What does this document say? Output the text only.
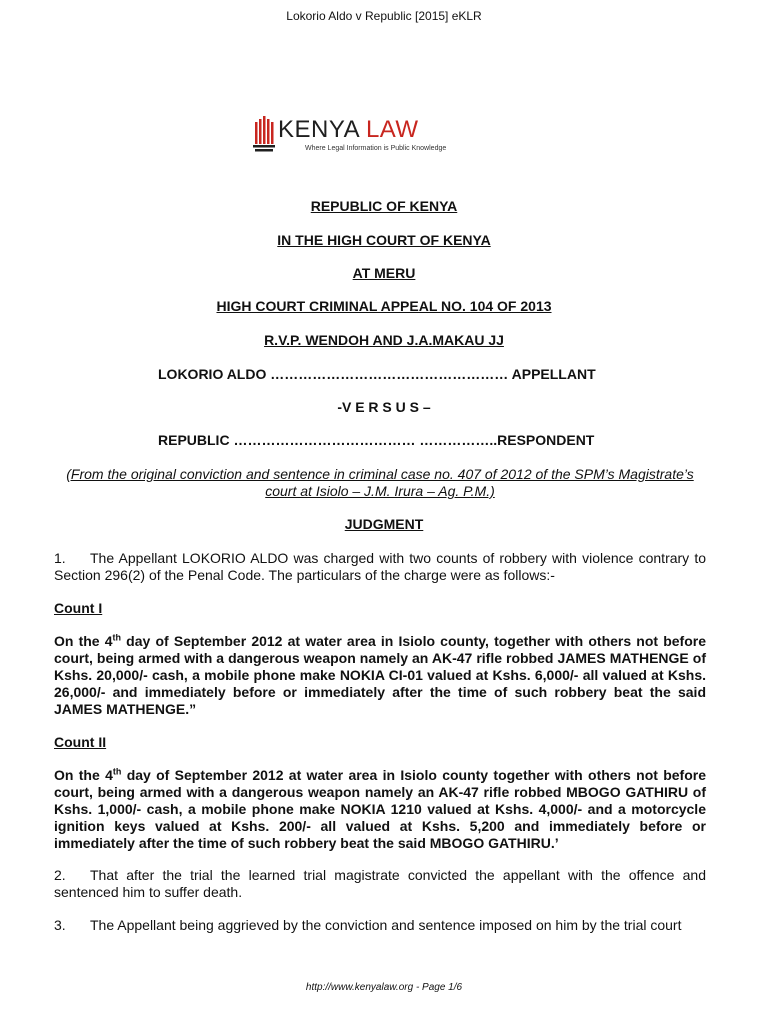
Lokorio Aldo v Republic [2015] eKLR
KENYA LAW
Where Legal Information is Public Knowledge
REPUBLIC OF KENYA
IN THE HIGH COURT OF KENYA
AT MERU
HIGH COURT CRIMINAL APPEAL NO. 104 OF 2013
R.V.P. WENDOH AND J.A.MAKAU JJ
LOKORIO ALDO …………………………………………… APPELLANT
-V E R S U S –
REPUBLIC ………………………………… ……………..RESPONDENT
(From the original conviction and sentence in criminal case no. 407 of 2012 of the SPM’s Magistrate’s court at Isiolo – J.M. Irura – Ag. P.M.)
JUDGMENT
1. The Appellant LOKORIO ALDO was charged with two counts of robbery with violence contrary to Section 296(2) of the Penal Code. The particulars of the charge were as follows:-
Count I
On the 4th day of September 2012 at water area in Isiolo county, together with others not before court, being armed with a dangerous weapon namely an AK-47 rifle robbed JAMES MATHENGE of Kshs. 20,000/- cash, a mobile phone make NOKIA CI-01 valued at Kshs. 6,000/- all valued at Kshs. 26,000/- and immediately before or immediately after the time of such robbery beat the said JAMES MATHENGE.”
Count II
On the 4th day of September 2012 at water area in Isiolo county together with others not before court, being armed with a dangerous weapon namely an AK-47 rifle robbed MBOGO GATHIRU of Kshs. 1,000/- cash, a mobile phone make NOKIA 1210 valued at Kshs. 4,000/- and a motorcycle ignition keys valued at Kshs. 200/- all valued at Kshs. 5,200 and immediately before or immediately after the time of such robbery beat the said MBOGO GATHIRU.’
2. That after the trial the learned trial magistrate convicted the appellant with the offence and sentenced him to suffer death.
3. The Appellant being aggrieved by the conviction and sentence imposed on him by the trial court
http://www.kenyalaw.org - Page 1/6
